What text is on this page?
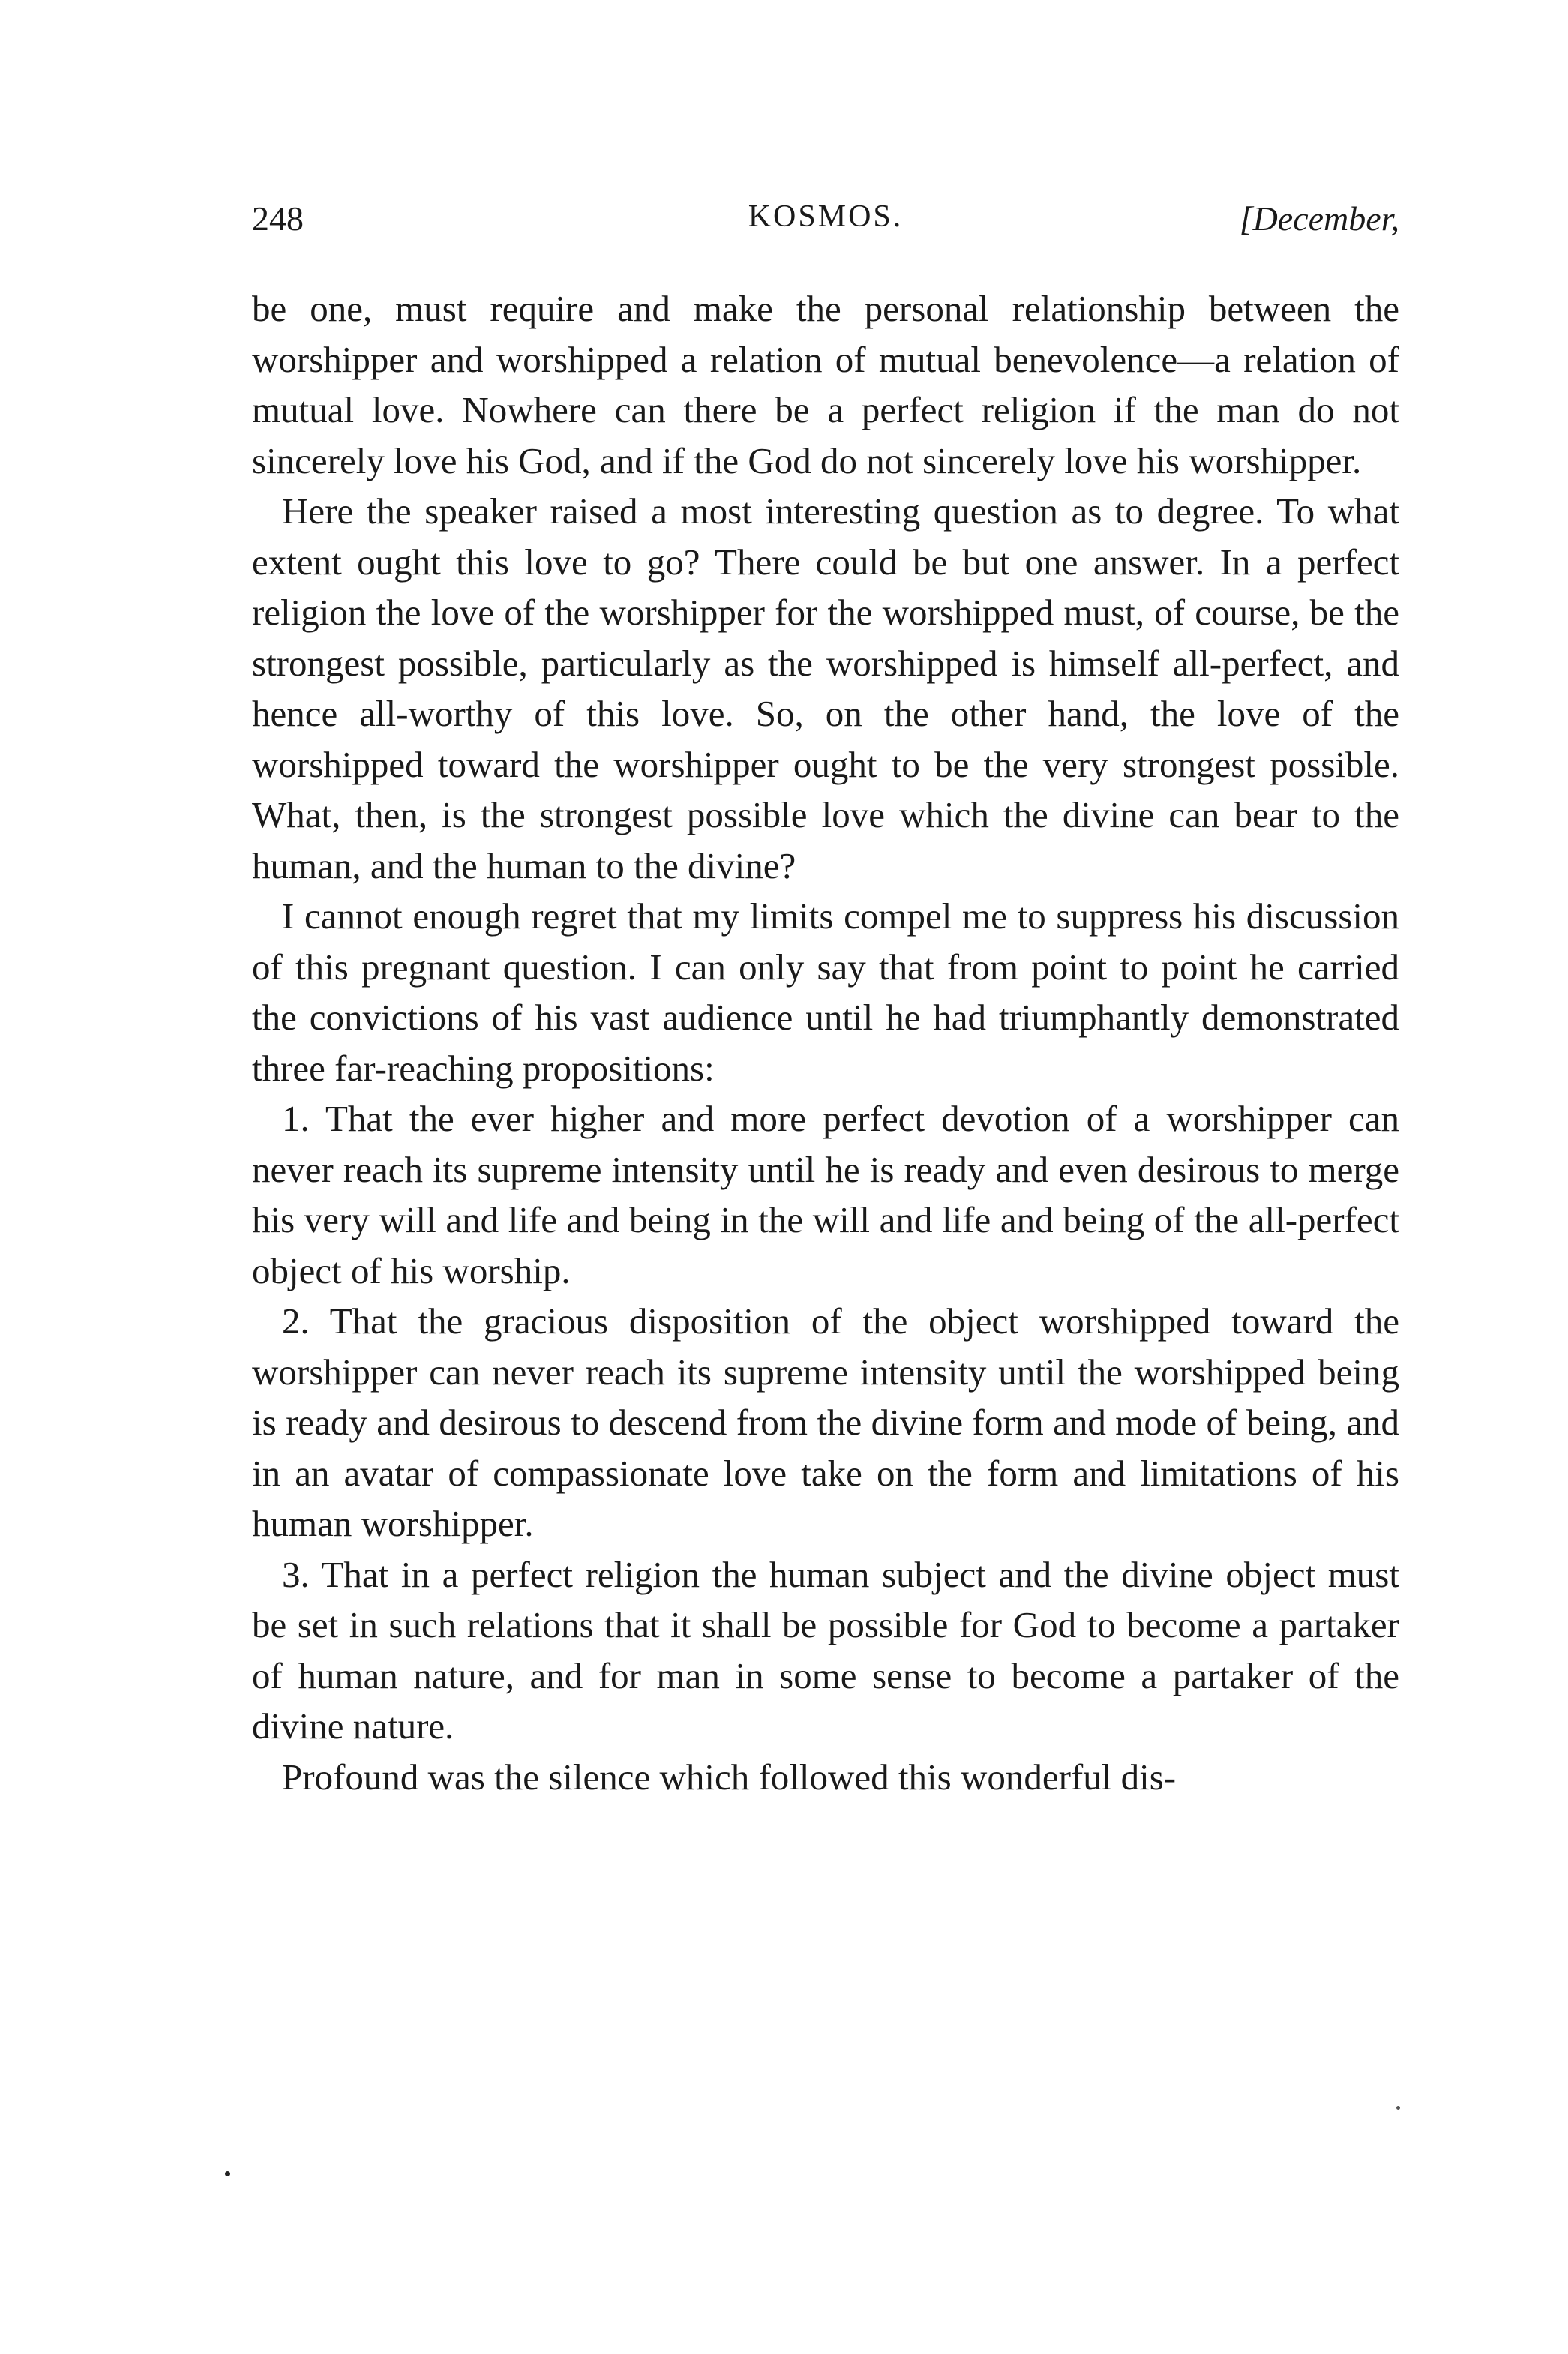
248	KOSMOS.	[December,

be one, must require and make the personal relationship between the worshipper and worshipped a relation of mutual benevolence—a relation of mutual love. Nowhere can there be a perfect religion if the man do not sincerely love his God, and if the God do not sincerely love his worshipper.

Here the speaker raised a most interesting question as to degree. To what extent ought this love to go? There could be but one answer. In a perfect religion the love of the worshipper for the worshipped must, of course, be the strongest possible, particularly as the worshipped is himself all-perfect, and hence all-worthy of this love. So, on the other hand, the love of the worshipped toward the worshipper ought to be the very strongest possible. What, then, is the strongest possible love which the divine can bear to the human, and the human to the divine?

I cannot enough regret that my limits compel me to suppress his discussion of this pregnant question. I can only say that from point to point he carried the convictions of his vast audience until he had triumphantly demonstrated three far-reaching propositions:

1. That the ever higher and more perfect devotion of a worshipper can never reach its supreme intensity until he is ready and even desirous to merge his very will and life and being in the will and life and being of the all-perfect object of his worship.

2. That the gracious disposition of the object worshipped toward the worshipper can never reach its supreme intensity until the worshipped being is ready and desirous to descend from the divine form and mode of being, and in an avatar of compassionate love take on the form and limitations of his human worshipper.

3. That in a perfect religion the human subject and the divine object must be set in such relations that it shall be possible for God to become a partaker of human nature, and for man in some sense to become a partaker of the divine nature.

Profound was the silence which followed this wonderful dis-
